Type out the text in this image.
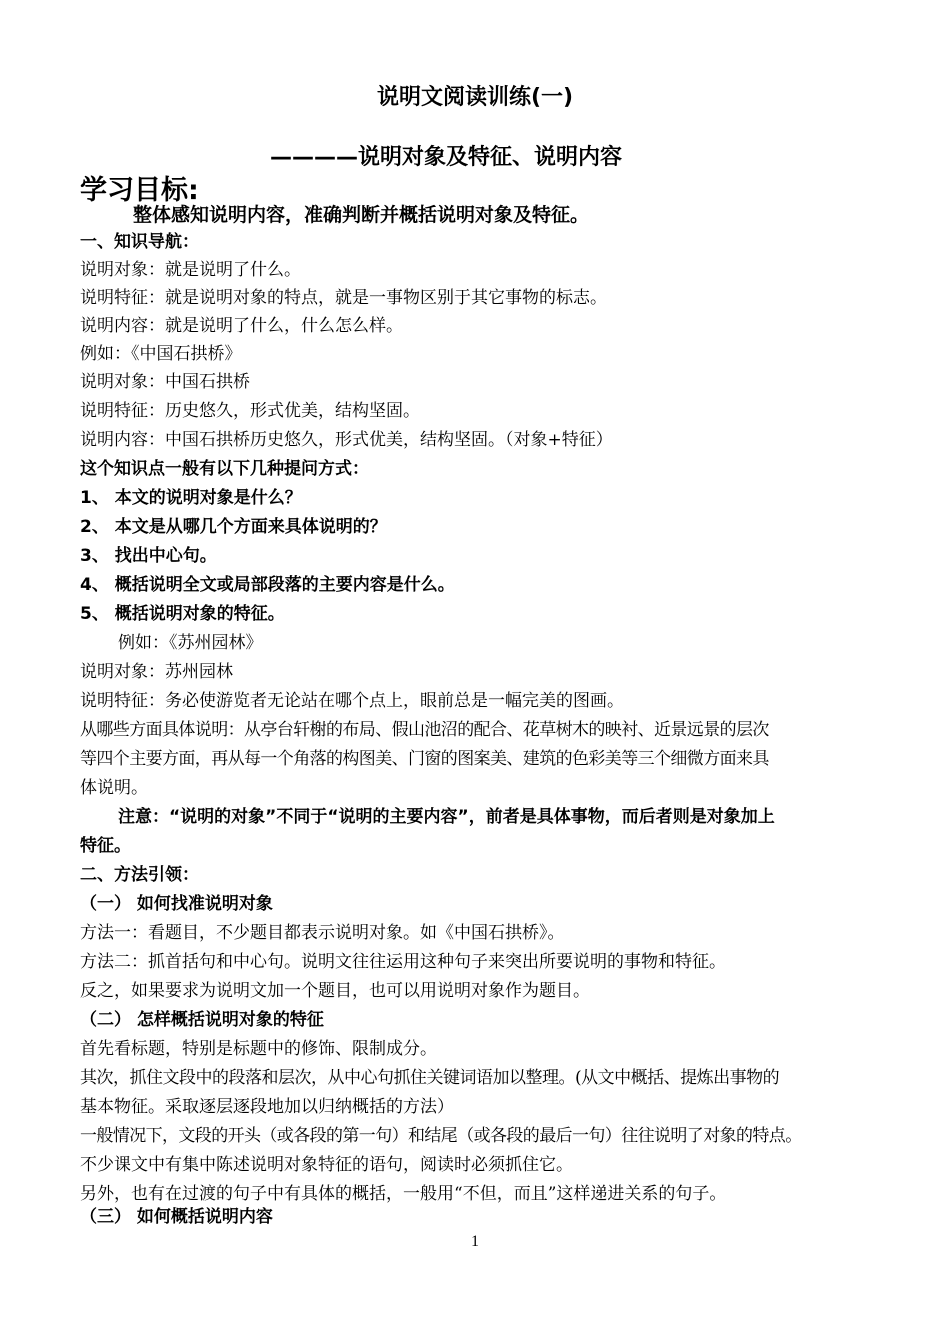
说明文阅读训练(一)
————说明对象及特征、说明内容
学习目标:
整体感知说明内容，准确判断并概括说明对象及特征。
一、知识导航：
说明对象：就是说明了什么。
说明特征：就是说明对象的特点，就是一事物区别于其它事物的标志。
说明内容：就是说明了什么，什么怎么样。
例如：《中国石拱桥》
说明对象：中国石拱桥
说明特征：历史悠久，形式优美，结构坚固。
说明内容：中国石拱桥历史悠久，形式优美，结构坚固。（对象+特征）
这个知识点一般有以下几种提问方式：
1、 本文的说明对象是什么？
2、 本文是从哪几个方面来具体说明的？
3、 找出中心句。
4、 概括说明全文或局部段落的主要内容是什么。
5、 概括说明对象的特征。
例如：《苏州园林》
说明对象：苏州园林
说明特征：务必使游览者无论站在哪个点上，眼前总是一幅完美的图画。
从哪些方面具体说明：从亭台轩榭的布局、假山池沼的配合、花草树木的映衬、近景远景的层次
等四个主要方面，再从每一个角落的构图美、门窗的图案美、建筑的色彩美等三个细微方面来具
体说明。
注意：“说明的对象”不同于“说明的主要内容”，前者是具体事物，而后者则是对象加上
特征。
二、方法引领：
（一） 如何找准说明对象
方法一：看题目，不少题目都表示说明对象。如《中国石拱桥》。
方法二：抓首括句和中心句。说明文往往运用这种句子来突出所要说明的事物和特征。
反之，如果要求为说明文加一个题目，也可以用说明对象作为题目。
（二） 怎样概括说明对象的特征
首先看标题，特别是标题中的修饰、限制成分。
其次，抓住文段中的段落和层次，从中心句抓住关键词语加以整理。(从文中概括、提炼出事物的
基本物征。采取逐层逐段地加以归纳概括的方法）
一般情况下，文段的开头（或各段的第一句）和结尾（或各段的最后一句）往往说明了对象的特点。
不少课文中有集中陈述说明对象特征的语句，阅读时必须抓住它。
另外，也有在过渡的句子中有具体的概括，一般用“不但，而且”这样递进关系的句子。
（三） 如何概括说明内容
1
